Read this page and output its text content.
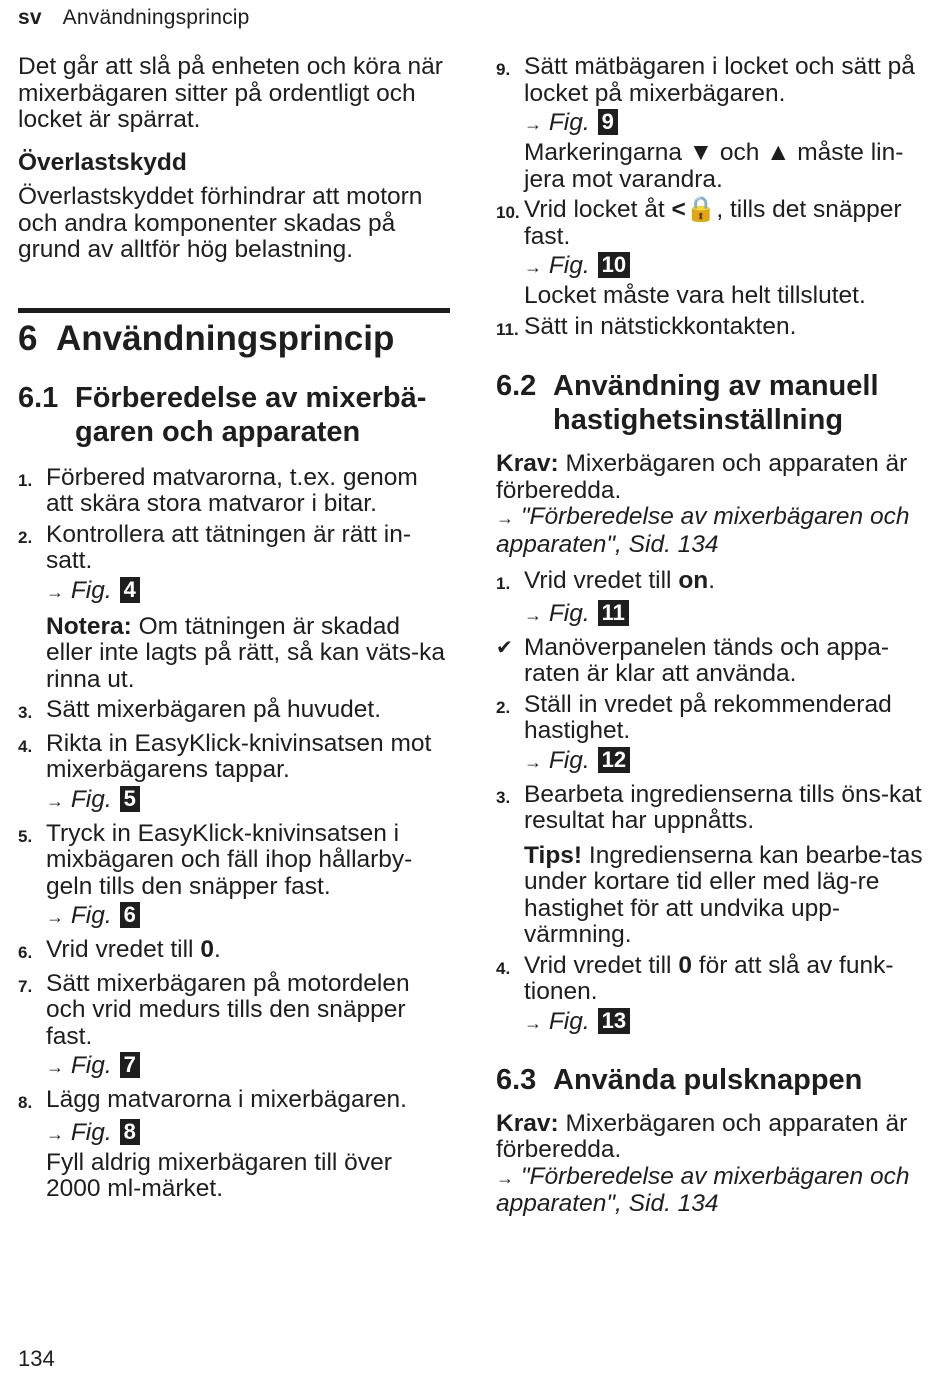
sv Användningsprincip

Det går att slå på enheten och köra när mixerbägaren sitter på ordentligt och locket är spärrat.

Överlastskydd

Överlastskyddet förhindrar att motorn och andra komponenter skadas på grund av alltför hög belastning.

6 Användningsprincip
6.1 Förberedelse av mixerbä-garen och apparaten
1. Förbered matvarorna, t.ex. genom att skära stora matvaror i bitar.
2. Kontrollera att tätningen är rätt in-satt.
→ Fig. 4

Notera: Om tätningen är skadad eller inte lagts på rätt, så kan väts-ka rinna ut.

3. Sätt mixerbägaren på huvudet.
4. Rikta in EasyKlick-knivinsatsen mot mixerbägarens tappar.
→ Fig. 5
5. Tryck in EasyKlick-knivinsatsen i mixbägaren och fäll ihop hållarby-geln tills den snäpper fast.
→ Fig. 6
6. Vrid vredet till 0.
7. Sätt mixerbägaren på motordelen och vrid medurs tills den snäpper fast.
→ Fig. 7
8. Lägg matvarorna i mixerbägaren.
→ Fig. 8

Fyll aldrig mixerbägaren till över 2000 ml-märket.

9. Sätt mätbägaren i locket och sätt på locket på mixerbägaren.
→ Fig. 9

Markeringarna ▼ och ▲ måste lin-jera mot varandra.

10. Vrid locket åt <🔒, tills det snäpper fast.
→ Fig. 10

Locket måste vara helt tillslutet.

11. Sätt in nätstickkontakten.
6.2 Användning av manuell hastighetsinställning

Krav: Mixerbägaren och apparaten är förberedda.

→ "Förberedelse av mixerbägaren och apparaten", Sid. 134

1. Vrid vredet till on.
→ Fig. 11
✔ Manöverpanelen tänds och appa-raten är klar att använda.
2. Ställ in vredet på rekommenderad hastighet.
→ Fig. 12
3. Bearbeta ingredienserna tills öns-kat resultat har uppnåtts.

Tips! Ingredienserna kan bearbe-tas under kortare tid eller med läg-re hastighet för att undvika upp-värmning.

4. Vrid vredet till 0 för att slå av funk-tionen.
→ Fig. 13
6.3 Använda pulsknappen

Krav: Mixerbägaren och apparaten är förberedda.

→ "Förberedelse av mixerbägaren och apparaten", Sid. 134

134
